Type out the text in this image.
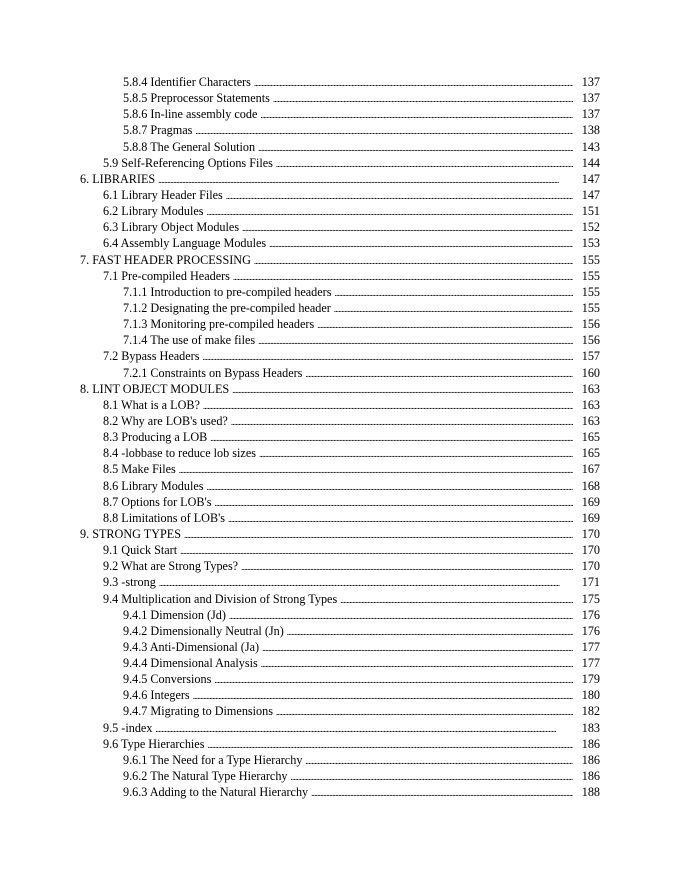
5.8.4 Identifier Characters . . .	137
5.8.5 Preprocessor Statements . . .	137
5.8.6 In-line assembly code . . .	137
5.8.7 Pragmas . . .	138
5.8.8 The General Solution . . .	143
5.9 Self-Referencing Options Files . . .	144
6. LIBRARIES . . .	147
6.1 Library Header Files . . .	147
6.2 Library Modules . . .	151
6.3 Library Object Modules . . .	152
6.4 Assembly Language Modules . . .	153
7. FAST HEADER PROCESSING . . .	155
7.1 Pre-compiled Headers . . .	155
7.1.1 Introduction to pre-compiled headers . . .	155
7.1.2 Designating the pre-compiled header . . .	155
7.1.3 Monitoring pre-compiled headers . . .	156
7.1.4 The use of make files . . .	156
7.2 Bypass Headers . . .	157
7.2.1 Constraints on Bypass Headers . . .	160
8. LINT OBJECT MODULES . . .	163
8.1 What is a LOB? . . .	163
8.2 Why are LOB's used? . . .	163
8.3 Producing a LOB . . .	165
8.4 -lobbase to reduce lob sizes . . .	165
8.5 Make Files . . .	167
8.6 Library Modules . . .	168
8.7 Options for LOB's . . .	169
8.8 Limitations of LOB's . . .	169
9. STRONG TYPES . . .	170
9.1 Quick Start . . .	170
9.2 What are Strong Types? . . .	170
9.3 -strong . . .	171
9.4 Multiplication and Division of Strong Types . . .	175
9.4.1 Dimension (Jd) . . .	176
9.4.2 Dimensionally Neutral (Jn) . . .	176
9.4.3 Anti-Dimensional (Ja) . . .	177
9.4.4 Dimensional Analysis . . .	177
9.4.5 Conversions . . .	179
9.4.6 Integers . . .	180
9.4.7 Migrating to Dimensions . . .	182
9.5 -index . . .	183
9.6 Type Hierarchies . . .	186
9.6.1 The Need for a Type Hierarchy . . .	186
9.6.2 The Natural Type Hierarchy . . .	186
9.6.3 Adding to the Natural Hierarchy . . .	188
